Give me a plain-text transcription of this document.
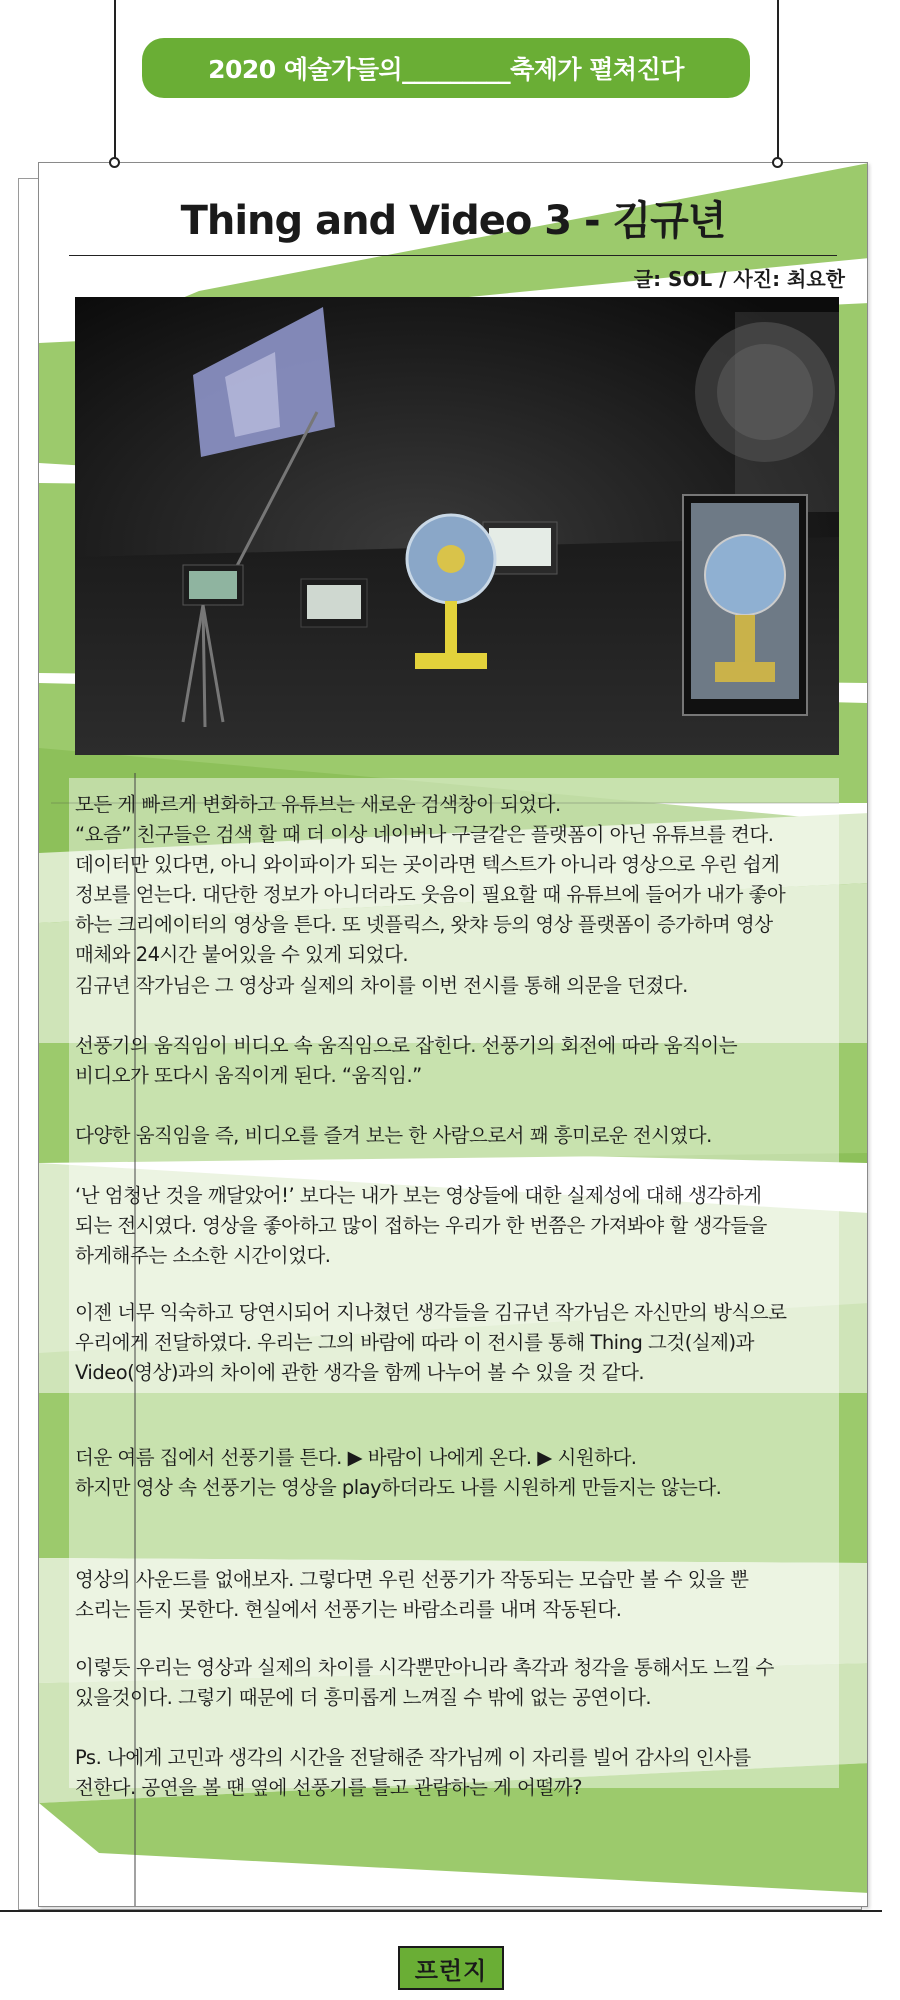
2020 예술가들의_________축제가 펼쳐진다
Thing and Video 3 - 김규년
글: SOL / 사진: 최요한
모든 게 빠르게 변화하고 유튜브는 새로운 검색창이 되었다.
“요즘” 친구들은 검색 할 때 더 이상 네이버나 구글같은 플랫폼이 아닌 유튜브를 켠다.
데이터만 있다면, 아니 와이파이가 되는 곳이라면 텍스트가 아니라 영상으로 우린 쉽게
정보를 얻는다. 대단한 정보가 아니더라도 웃음이 필요할 때 유튜브에 들어가 내가 좋아
하는 크리에이터의 영상을 튼다. 또 넷플릭스, 왓챠 등의 영상 플랫폼이 증가하며 영상
매체와 24시간 붙어있을 수 있게 되었다.
김규년 작가님은 그 영상과 실제의 차이를 이번 전시를 통해 의문을 던졌다.
선풍기의 움직임이 비디오 속 움직임으로 잡힌다. 선풍기의 회전에 따라 움직이는
비디오가 또다시 움직이게 된다. “움직임.”
다양한 움직임을 즉, 비디오를 즐겨 보는 한 사람으로서 꽤 흥미로운 전시였다.
‘난 엄청난 것을 깨달았어!’ 보다는 내가 보는 영상들에 대한 실제성에 대해 생각하게
되는 전시였다. 영상을 좋아하고 많이 접하는 우리가 한 번쯤은 가져봐야 할 생각들을
하게해주는 소소한 시간이었다.
이젠 너무 익숙하고 당연시되어 지나쳤던 생각들을 김규년 작가님은 자신만의 방식으로
우리에게 전달하였다. 우리는 그의 바람에 따라 이 전시를 통해 Thing 그것(실제)과
Video(영상)과의 차이에 관한 생각을 함께 나누어 볼 수 있을 것 같다.
더운 여름 집에서 선풍기를 튼다. ▶ 바람이 나에게 온다. ▶ 시원하다.
하지만 영상 속 선풍기는 영상을 play하더라도 나를 시원하게 만들지는 않는다.
영상의 사운드를 없애보자. 그렇다면 우린 선풍기가 작동되는 모습만 볼 수 있을 뿐
소리는 듣지 못한다. 현실에서 선풍기는 바람소리를 내며 작동된다.
이렇듯 우리는 영상과 실제의 차이를 시각뿐만아니라 촉각과 청각을 통해서도 느낄 수
있을것이다. 그렇기 때문에 더 흥미롭게 느껴질 수 밖에 없는 공연이다.
Ps. 나에게 고민과 생각의 시간을 전달해준 작가님께 이 자리를 빌어 감사의 인사를
전한다. 공연을 볼 땐 옆에 선풍기를 틀고 관람하는 게 어떨까?
프런지
